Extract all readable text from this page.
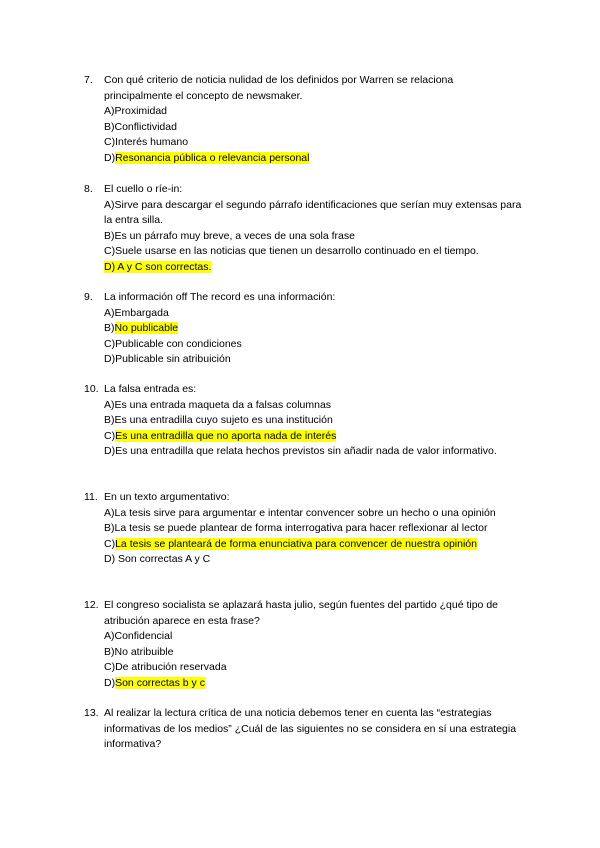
7.	Con qué criterio de noticia nulidad de los definidos por Warren se relaciona principalmente el concepto de newsmaker.
A)Proximidad
B)Conflictividad
C)Interés humano
D)Resonancia pública o relevancia personal
8.	El cuello o ríe-in:
A)Sirve para descargar el segundo párrafo identificaciones que serían muy extensas para la entra silla.
B)Es un párrafo muy breve, a veces de una sola frase
C)Suele usarse en las noticias que tienen un desarrollo continuado en el tiempo.
D) A y C son correctas.
9.	La información off The record es una información:
A)Embargada
B)No publicable
C)Publicable con condiciones
D)Publicable sin atribuición
10. La falsa entrada es:
A)Es una entrada maqueta da a falsas columnas
B)Es una entradilla cuyo sujeto es una institución
C)Es una entradilla que no aporta nada de interés
D)Es una entradilla que relata hechos previstos sin añadir nada de valor informativo.
11. En un texto argumentativo:
A)La tesis sirve para argumentar e intentar convencer sobre un hecho o una opinión
B)La tesis se puede plantear de forma interrogativa para hacer reflexionar al lector
C)La tesis se planteará de forma enunciativa para convencer de nuestra opinión
D) Son correctas A y C
12. El congreso socialista se aplazará hasta julio, según fuentes del partido ¿qué tipo de atribución aparece en esta frase?
A)Confidencial
B)No atribuible
C)De atribución reservada
D)Son correctas b y c
13. Al realizar la lectura crítica de una noticia debemos tener en cuenta las “estrategias informativas de los medios” ¿Cuál de las siguientes no se considera en sí una estrategia informativa?
